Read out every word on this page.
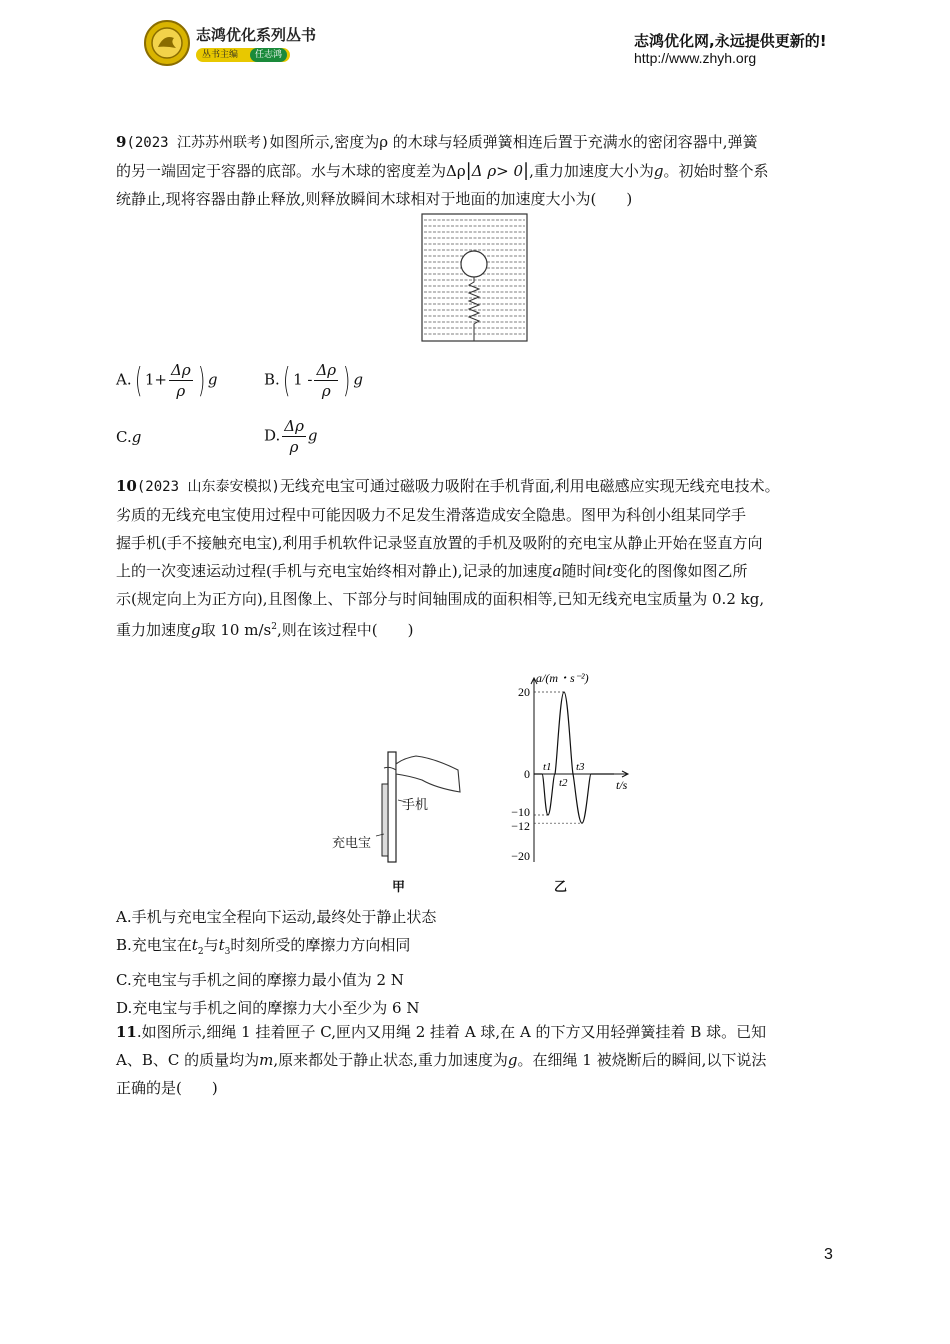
志鸿优化系列丛书
丛书主编	任志鸿
志鸿优化网,永远提供更新的!
http://www.zhyh.org
9(2023 江苏苏州联考)如图所示,密度为ρ 的木球与轻质弹簧相连后置于充满水的密闭容器中,弹簧
的另一端固定于容器的底部。水与木球的密度差为Δρ|Δ ρ> 0|,重力加速度大小为g。初始时整个系
统静止,现将容器由静止释放,则释放瞬间木球相对于地面的加速度大小为(　　)
A.( $1+ \frac{\Delta\rho}{\rho}$ ) g	B.( $1 - \frac{\Delta\rho}{\rho}$ ) g
C.g	D. $\frac{\Delta\rho}{\rho}$ g
10(2023 山东泰安模拟)无线充电宝可通过磁吸力吸附在手机背面,利用电磁感应实现无线充电技术。
劣质的无线充电宝使用过程中可能因吸力不足发生滑落造成安全隐患。图甲为科创小组某同学手
握手机(手不接触充电宝),利用手机软件记录竖直放置的手机及吸附的充电宝从静止开始在竖直方向
上的一次变速运动过程(手机与充电宝始终相对静止),记录的加速度a随时间t变化的图像如图乙所
示(规定向上为正方向),且图像上、下部分与时间轴围成的面积相等,已知无线充电宝质量为 0.2 kg,
重力加速度g取 10 $m/s^2$,则在该过程中(　　)
手机
充电宝
甲
20
0
−10
−12
−20
a/(m・s⁻²)
t/s
t1
t2
t3
乙
A.手机与充电宝全程向下运动,最终处于静止状态
B.充电宝在$t_2$与$t_3$时刻所受的摩擦力方向相同
C.充电宝与手机之间的摩擦力最小值为 2 N
D.充电宝与手机之间的摩擦力大小至少为 6 N
11.如图所示,细绳 1 挂着匣子 C,匣内又用绳 2 挂着 A 球,在 A 的下方又用轻弹簧挂着 B 球。已知
A、B、C 的质量均为m,原来都处于静止状态,重力加速度为g。在细绳 1 被烧断后的瞬间,以下说法
正确的是(　　)
3
